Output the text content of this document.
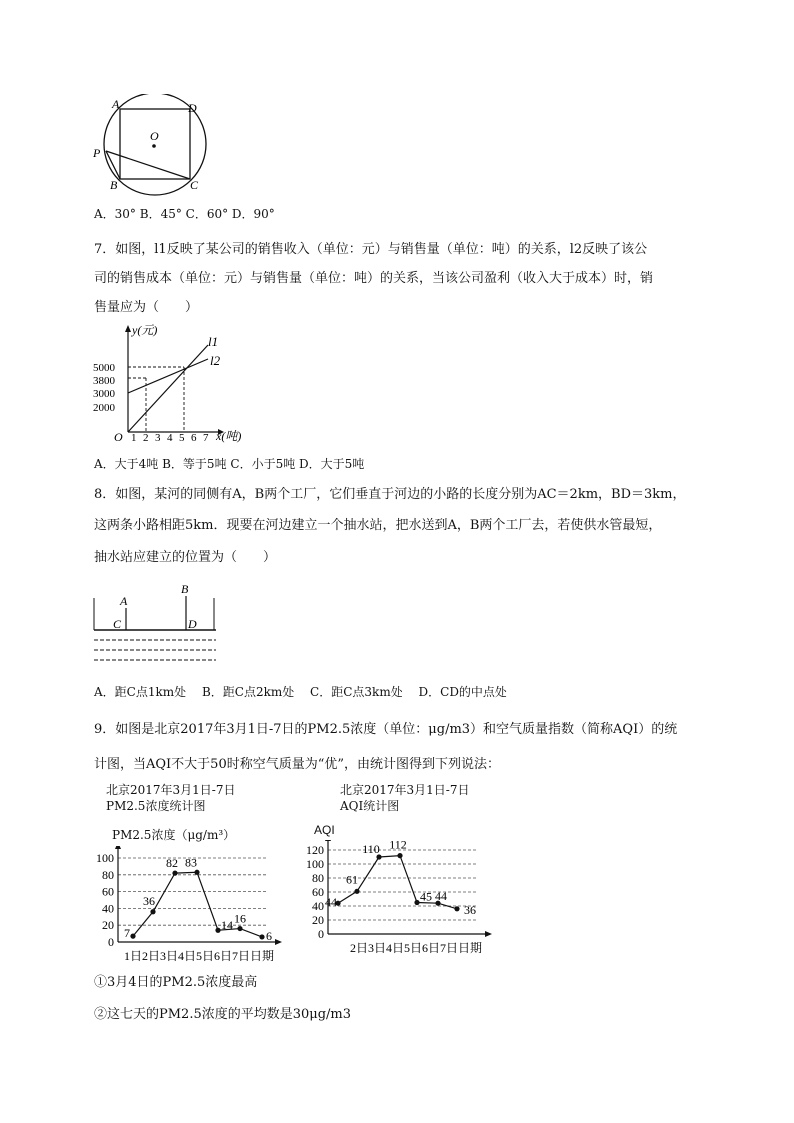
A	D
O
P
B	C
A．30° B．45° C．60° D．90°
7．如图，l1反映了某公司的销售收入（单位：元）与销售量（单位：吨）的关系，l2反映了该公
司的销售成本（单位：元）与销售量（单位：吨）的关系，当该公司盈利（收入大于成本）时，销
售量应为（　　）
y(元)
x(吨)
O
l1
l2
5000
3800
3000
2000
1 2 3 4 5 6 7
A．大于4吨 B．等于5吨 C．小于5吨 D．大于5吨
8．如图，某河的同侧有A，B两个工厂，它们垂直于河边的小路的长度分别为AC＝2km，BD＝3km，
这两条小路相距5km．现要在河边建立一个抽水站，把水送到A，B两个工厂去，若使供水管最短，
抽水站应建立的位置为（　　）
A
B
C	D
A．距C点1km处　 B．距C点2km处　 C．距C点3km处　 D．CD的中点处
9．如图是北京2017年3月1日-7日的PM2.5浓度（单位：μg/m3）和空气质量指数（简称AQI）的统
计图，当AQI不大于50时称空气质量为“优”，由统计图得到下列说法：
北京2017年3月1日-7日
PM2.5浓度统计图
PM2.5浓度（μg/m³）
0
20
40
60
80
100
7
36
82 83
14 16
6
1日2日3日4日5日6日7日日期
北京2017年3月1日-7日
AQI统计图
AQI
0
20
40
60
80
100
120
44
61
110 112
45 44
36
2日3日4日5日6日7日日期
①3月4日的PM2.5浓度最高
②这七天的PM2.5浓度的平均数是30μg/m3
